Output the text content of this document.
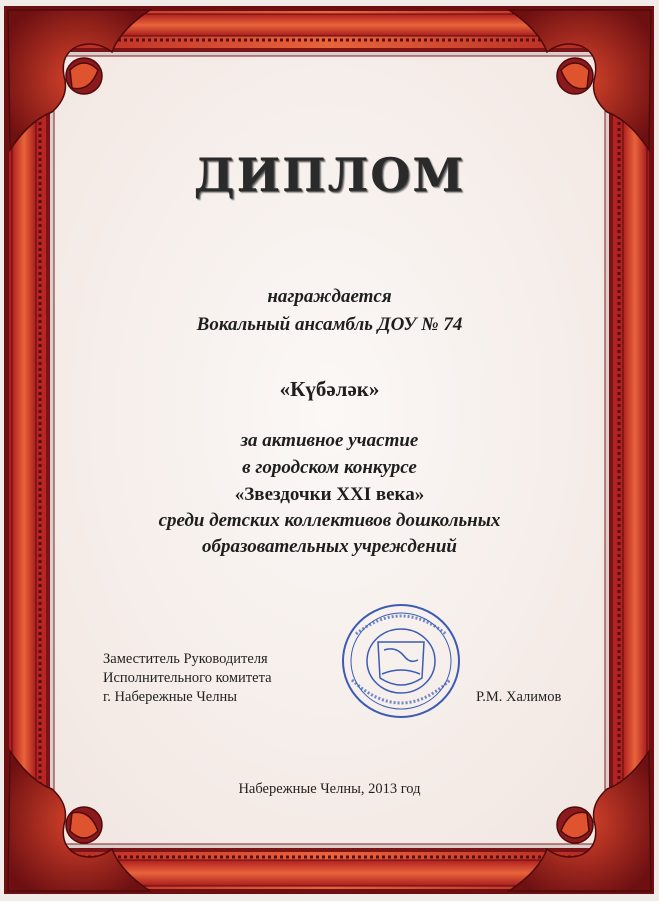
ДИПЛОМ
награждается
Вокальный ансамбль ДОУ № 74
«Күбәләк»
за активное участие
в городском конкурсе
«Звездочки XXI века»
среди детских коллективов дошкольных
образовательных учреждений
Заместитель Руководителя
Исполнительного комитета
г. Набережные Челны	Р.М. Халимов
Набережные Челны, 2013 год
